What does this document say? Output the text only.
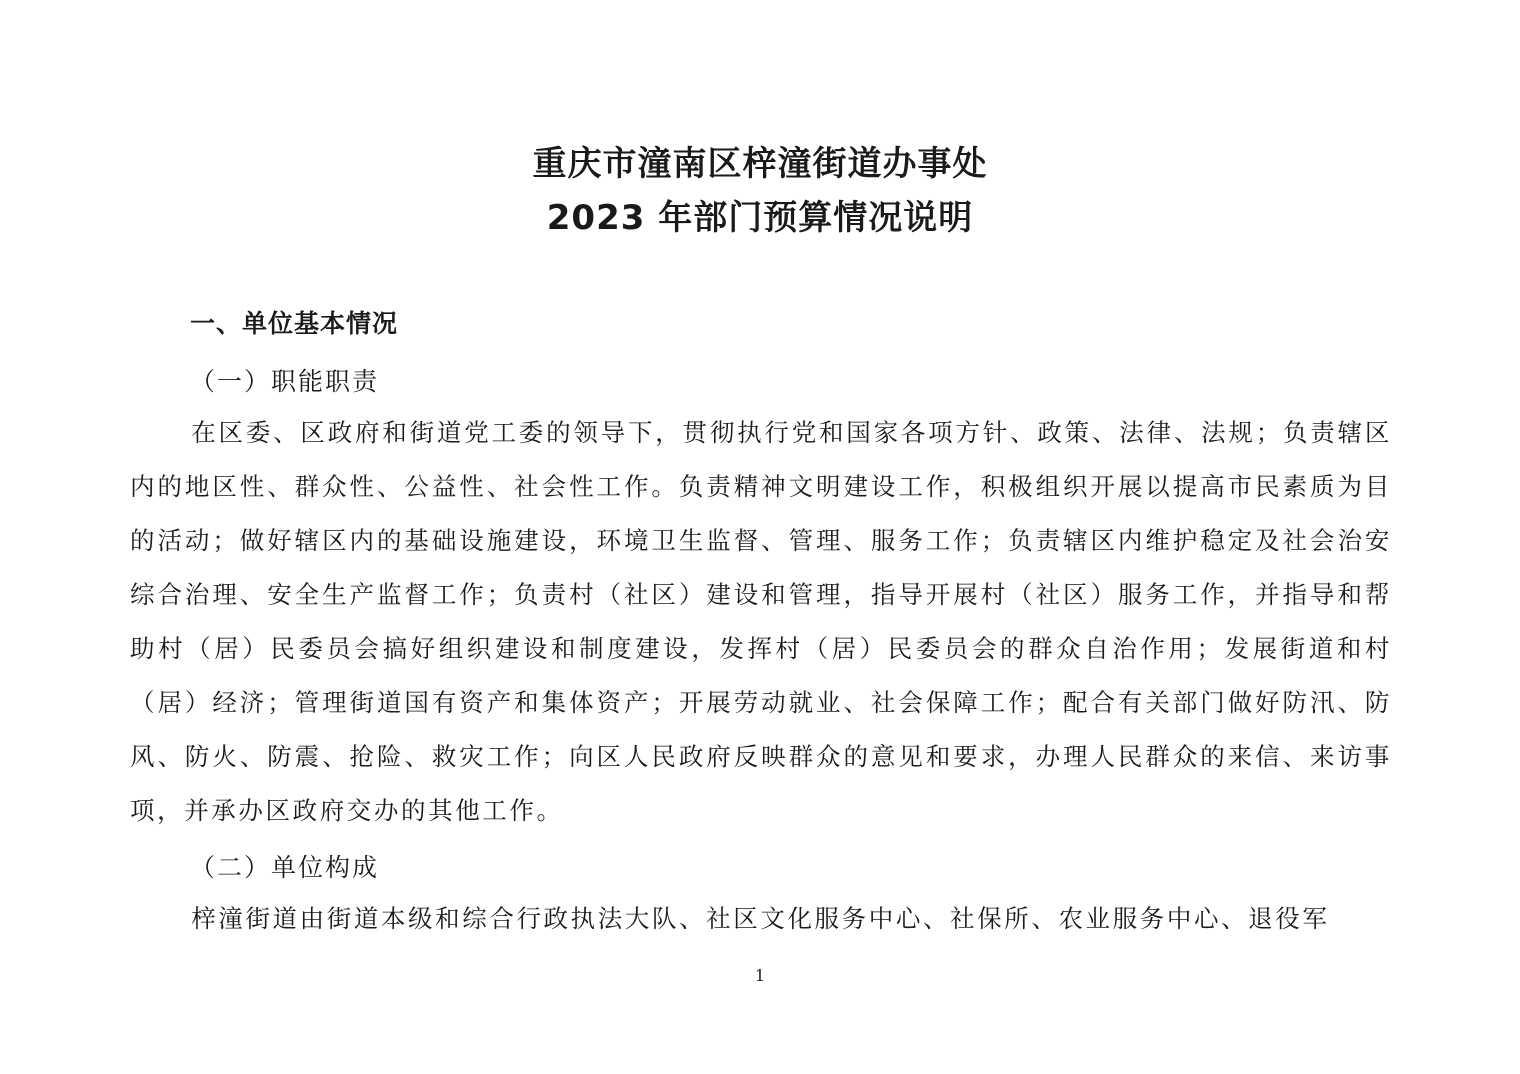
重庆市潼南区梓潼街道办事处
2023 年部门预算情况说明
一、单位基本情况
（一）职能职责

在区委、区政府和街道党工委的领导下，贯彻执行党和国家各项方针、政策、法律、法规；负责辖区内的地区性、群众性、公益性、社会性工作。负责精神文明建设工作，积极组织开展以提高市民素质为目的活动；做好辖区内的基础设施建设，环境卫生监督、管理、服务工作；负责辖区内维护稳定及社会治安综合治理、安全生产监督工作；负责村（社区）建设和管理，指导开展村（社区）服务工作，并指导和帮助村（居）民委员会搞好组织建设和制度建设，发挥村（居）民委员会的群众自治作用；发展街道和村（居）经济；管理街道国有资产和集体资产；开展劳动就业、社会保障工作；配合有关部门做好防汛、防风、防火、防震、抢险、救灾工作；向区人民政府反映群众的意见和要求，办理人民群众的来信、来访事项，并承办区政府交办的其他工作。

（二）单位构成

梓潼街道由街道本级和综合行政执法大队、社区文化服务中心、社保所、农业服务中心、退役军

1
